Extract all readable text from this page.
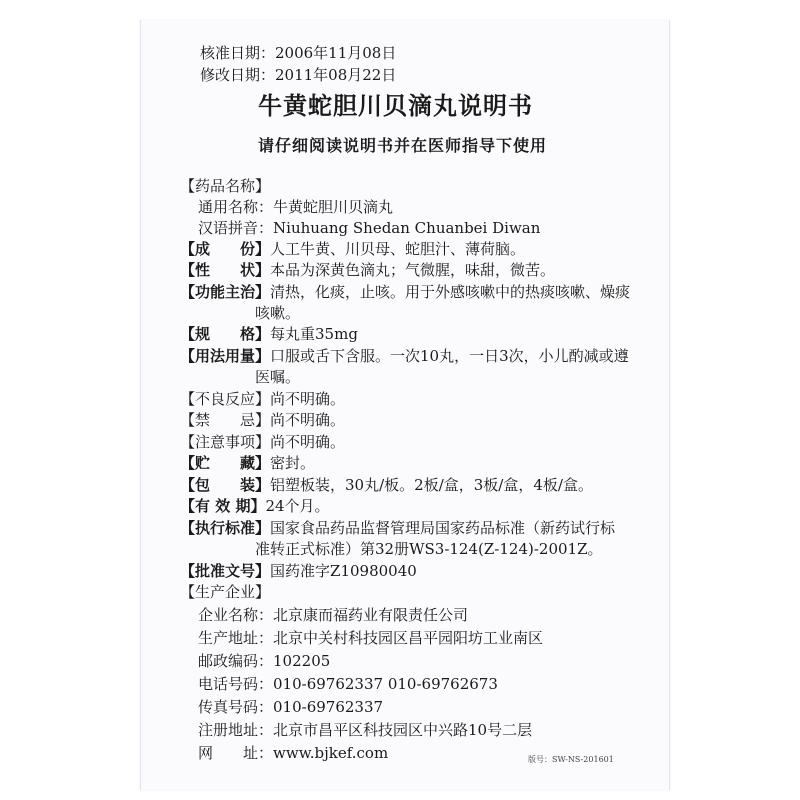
核准日期：2006年11月08日
修改日期：2011年08月22日
牛黄蛇胆川贝滴丸说明书
请仔细阅读说明书并在医师指导下使用
【药品名称】
通用名称：牛黄蛇胆川贝滴丸
汉语拼音：Niuhuang Shedan Chuanbei Diwan
【成　　份】人工牛黄、川贝母、蛇胆汁、薄荷脑。
【性　　状】本品为深黄色滴丸；气微腥，味甜，微苦。
【功能主治】清热，化痰，止咳。用于外感咳嗽中的热痰咳嗽、燥痰
咳嗽。
【规　　格】每丸重35mg
【用法用量】口服或舌下含服。一次10丸，一日3次，小儿酌减或遵
医嘱。
【不良反应】尚不明确。
【禁　　忌】尚不明确。
【注意事项】尚不明确。
【贮　　藏】密封。
【包　　装】铝塑板装，30丸/板。2板/盒，3板/盒，4板/盒。
【有 效 期】24个月。
【执行标准】国家食品药品监督管理局国家药品标准（新药试行标
准转正式标准）第32册WS3-124(Z-124)-2001Z。
【批准文号】国药准字Z10980040
【生产企业】
企业名称：北京康而福药业有限责任公司
生产地址：北京中关村科技园区昌平园阳坊工业南区
邮政编码：102205
电话号码：010-69762337 010-69762673
传真号码：010-69762337
注册地址：北京市昌平区科技园区中兴路10号二层
网　　址：www.bjkef.com	版号：SW-NS-201601
